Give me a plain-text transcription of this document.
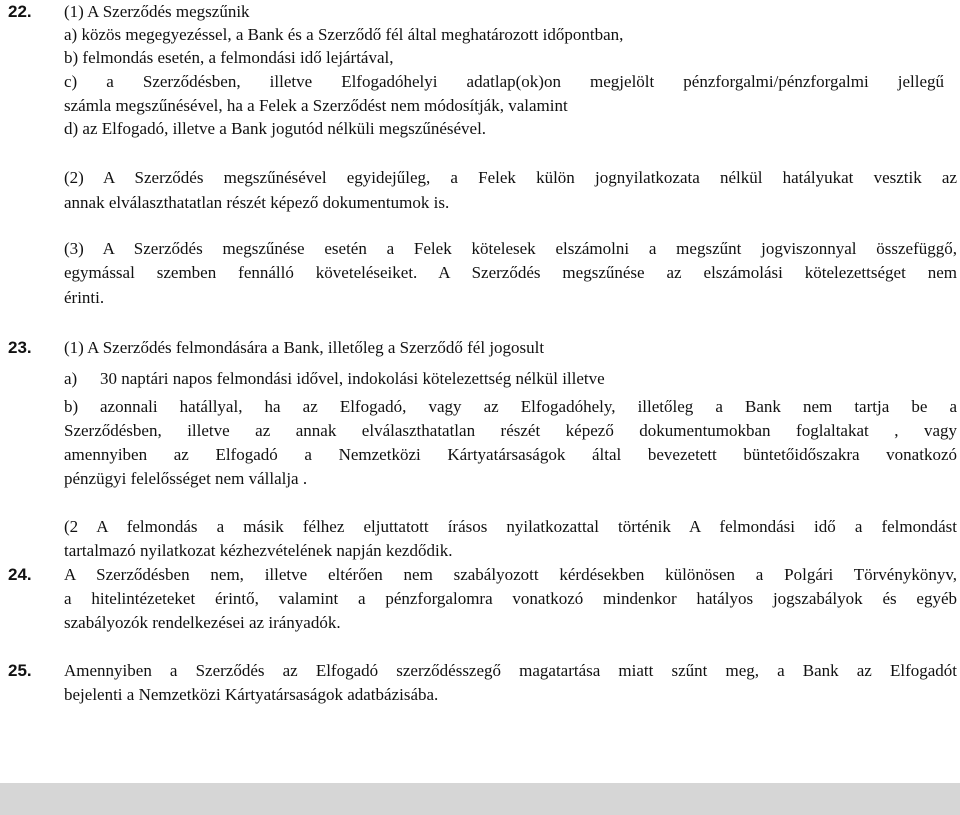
22. (1) A Szerződés megszűnik
a) közös megegyezéssel, a Bank és a Szerződő fél által meghatározott időpontban,
b) felmondás esetén, a felmondási idő lejártával,
c) a Szerződésben, illetve Elfogadóhelyi adatlap(ok)on megjelölt pénzforgalmi/pénzforgalmi jellegű
számla megszűnésével, ha a Felek a Szerződést nem módosítják, valamint
d) az Elfogadó, illetve a Bank jogutód nélküli megszűnésével.
(2) A Szerződés megszűnésével egyidejűleg, a Felek külön jognyilatkozata nélkül hatályukat vesztik az
annak elválaszthatatlan részét képező dokumentumok is.
(3) A Szerződés megszűnése esetén a Felek kötelesek elszámolni a megszűnt jogviszonnyal összefüggő,
egymással szemben fennálló követeléseiket. A Szerződés megszűnése az elszámolási kötelezettséget nem
érinti.
23. (1) A Szerződés felmondására a Bank, illetőleg a Szerződő fél jogosult
a) 30 naptári napos felmondási idővel, indokolási kötelezettség nélkül illetve
b) azonnali hatállyal, ha az Elfogadó, vagy az Elfogadóhely, illetőleg a Bank nem tartja be a
Szerződésben, illetve az annak elválaszthatatlan részét képező dokumentumokban foglaltakat , vagy
amennyiben az Elfogadó a Nemzetközi Kártyatársaságok által bevezetett büntetőidőszakra vonatkozó
pénzügyi felelősséget nem vállalja .
(2 A felmondás a másik félhez eljuttatott írásos nyilatkozattal történik A felmondási idő a felmondást
tartalmazó nyilatkozat kézhezvételének napján kezdődik.
24. A Szerződésben nem, illetve eltérően nem szabályozott kérdésekben különösen a Polgári Törvénykönyv,
a hitelintézeteket érintő, valamint a pénzforgalomra vonatkozó mindenkor hatályos jogszabályok és egyéb
szabályozók rendelkezései az irányadók.
25. Amennyiben a Szerződés az Elfogadó szerződésszegő magatartása miatt szűnt meg, a Bank az Elfogadót
bejelenti a Nemzetközi Kártyatársaságok adatbázisába.
